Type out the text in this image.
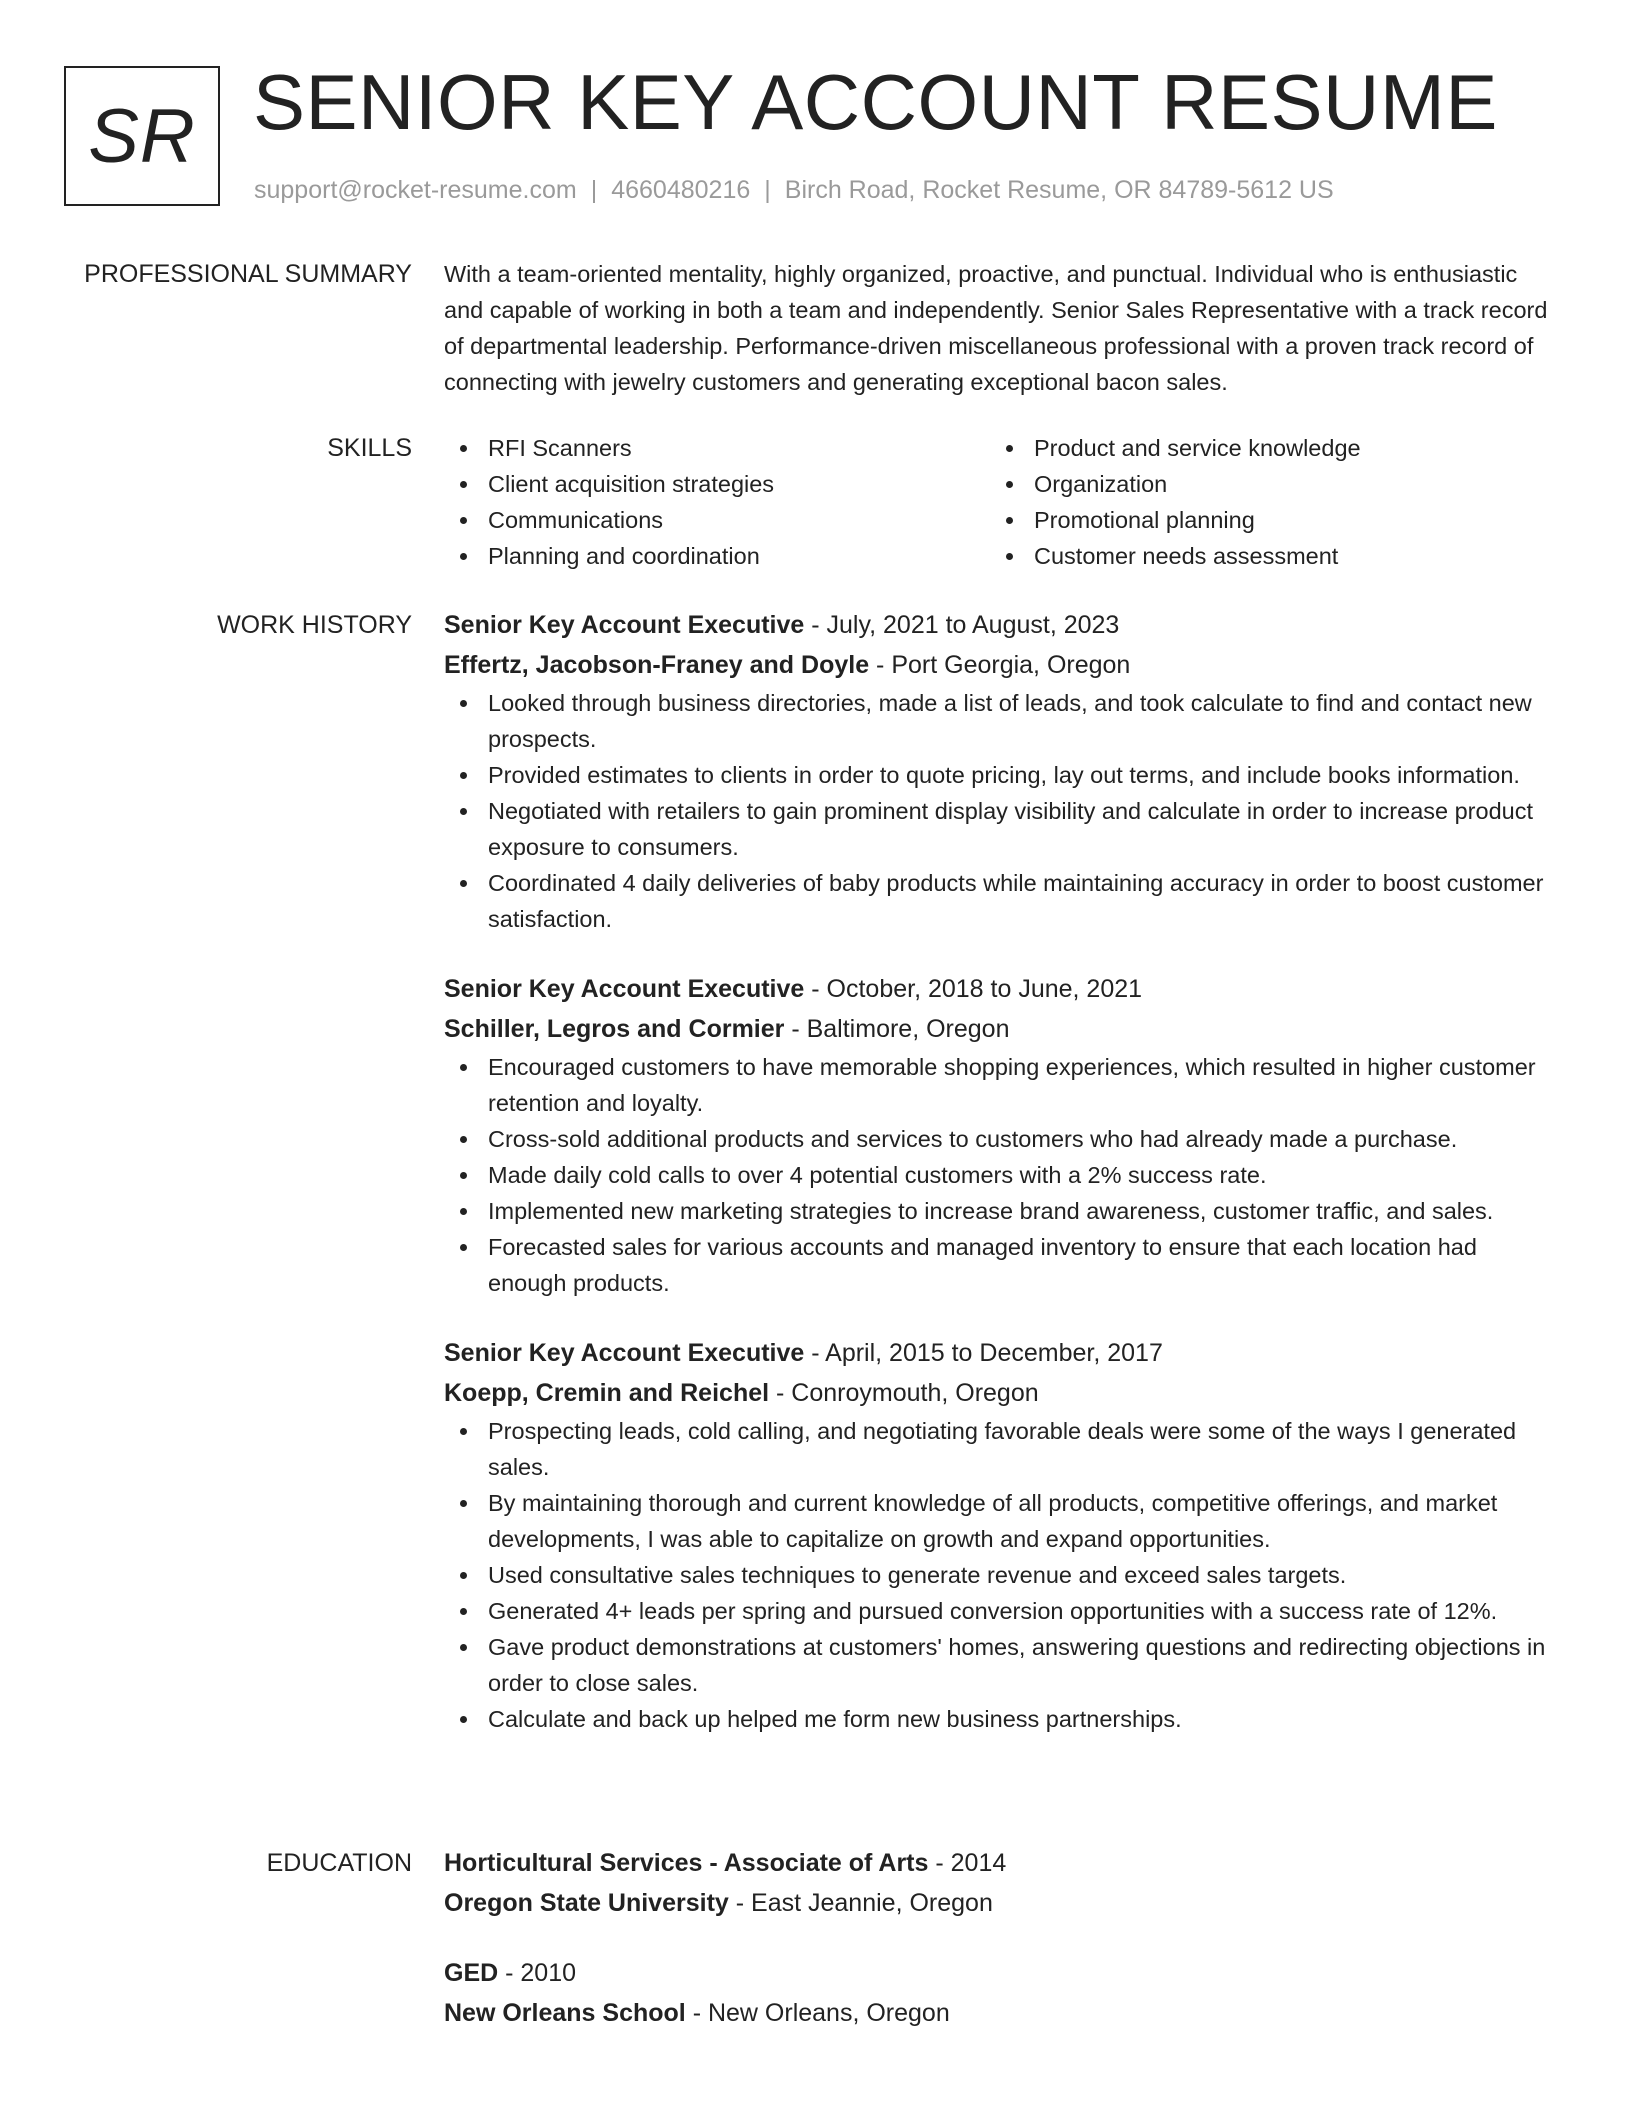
SR SENIOR KEY ACCOUNT RESUME
support@rocket-resume.com | 4660480216 | Birch Road, Rocket Resume, OR 84789-5612 US
PROFESSIONAL SUMMARY With a team-oriented mentality, highly organized, proactive, and punctual. Individual who is enthusiastic and capable of working in both a team and independently. Senior Sales Representative with a track record of departmental leadership. Performance-driven miscellaneous professional with a proven track record of connecting with jewelry customers and generating exceptional bacon sales.

SKILLS	RFI Scanners
Client acquisition strategies
Communications
Planning and coordination
Product and service knowledge
Organization
Promotional planning
Customer needs assessment
WORK HISTORY Senior Key Account Executive - July, 2021 to August, 2023
Effertz, Jacobson-Franey and Doyle - Port Georgia, Oregon
Looked through business directories, made a list of leads, and took calculate to find and contact new prospects.
Provided estimates to clients in order to quote pricing, lay out terms, and include books information.
Negotiated with retailers to gain prominent display visibility and calculate in order to increase product exposure to consumers.
Coordinated 4 daily deliveries of baby products while maintaining accuracy in order to boost customer satisfaction.
Senior Key Account Executive - October, 2018 to June, 2021
Schiller, Legros and Cormier - Baltimore, Oregon
Encouraged customers to have memorable shopping experiences, which resulted in higher customer retention and loyalty.
Cross-sold additional products and services to customers who had already made a purchase.
Made daily cold calls to over 4 potential customers with a 2% success rate.
Implemented new marketing strategies to increase brand awareness, customer traffic, and sales.
Forecasted sales for various accounts and managed inventory to ensure that each location had enough products.
Senior Key Account Executive - April, 2015 to December, 2017
Koepp, Cremin and Reichel - Conroymouth, Oregon
Prospecting leads, cold calling, and negotiating favorable deals were some of the ways I generated sales.
By maintaining thorough and current knowledge of all products, competitive offerings, and market developments, I was able to capitalize on growth and expand opportunities.
Used consultative sales techniques to generate revenue and exceed sales targets.
Generated 4+ leads per spring and pursued conversion opportunities with a success rate of 12%.
Gave product demonstrations at customers' homes, answering questions and redirecting objections in order to close sales.
Calculate and back up helped me form new business partnerships.
EDUCATION Horticultural Services - Associate of Arts - 2014
Oregon State University - East Jeannie, Oregon
GED - 2010
New Orleans School - New Orleans, Oregon
